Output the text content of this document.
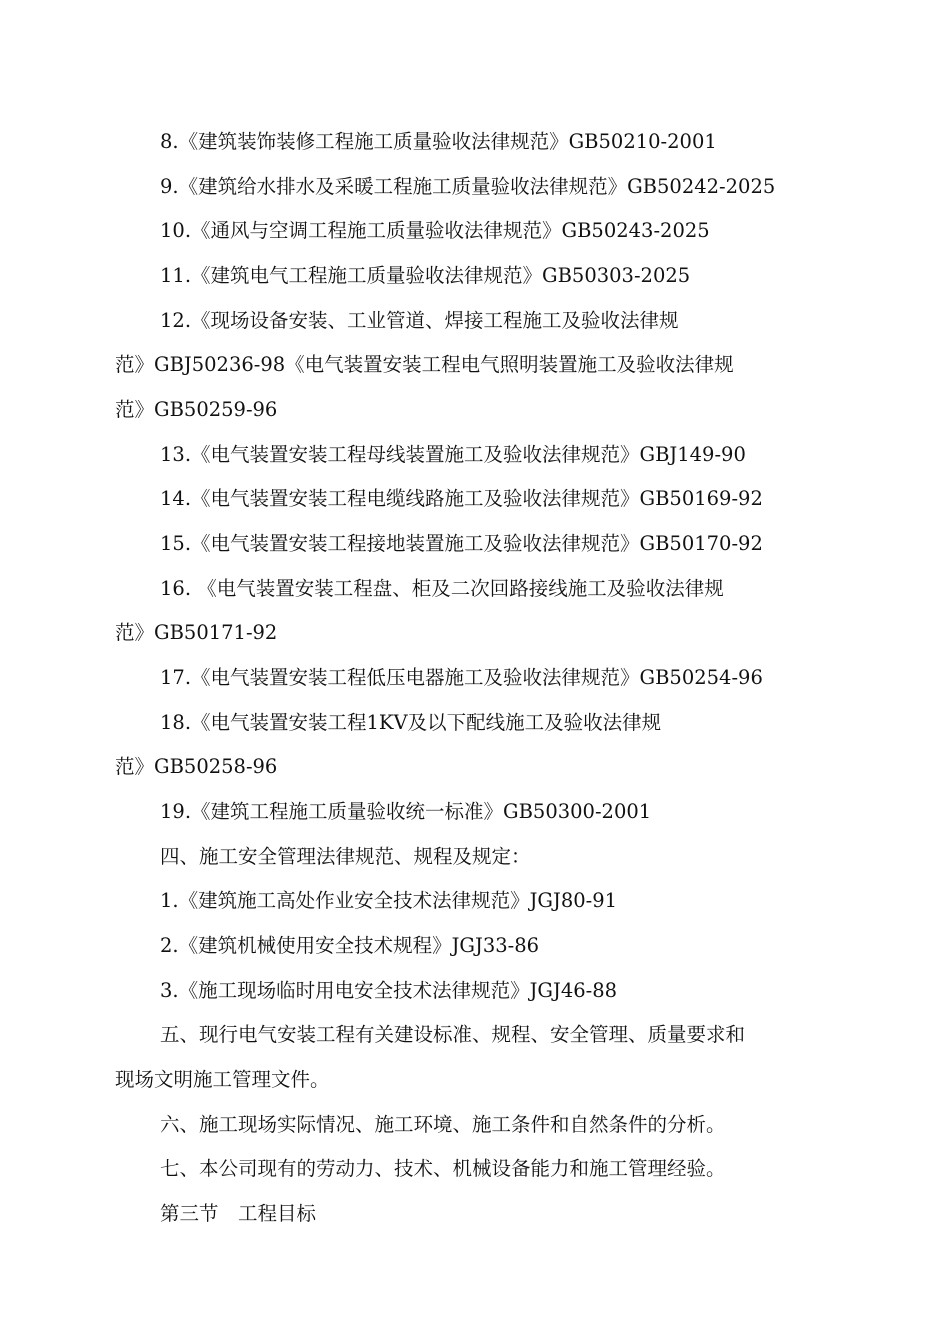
8.《建筑装饰装修工程施工质量验收法律规范》GB50210-2001
9.《建筑给水排水及采暖工程施工质量验收法律规范》GB50242-2025
10.《通风与空调工程施工质量验收法律规范》GB50243-2025
11.《建筑电气工程施工质量验收法律规范》GB50303-2025
12.《现场设备安装、工业管道、焊接工程施工及验收法律规
范》GBJ50236-98《电气装置安装工程电气照明装置施工及验收法律规
范》GB50259-96
13.《电气装置安装工程母线装置施工及验收法律规范》GBJ149-90
14.《电气装置安装工程电缆线路施工及验收法律规范》GB50169-92
15.《电气装置安装工程接地装置施工及验收法律规范》GB50170-92
16. 《电气装置安装工程盘、柜及二次回路接线施工及验收法律规
范》GB50171-92
17.《电气装置安装工程低压电器施工及验收法律规范》GB50254-96
18.《电气装置安装工程1KV及以下配线施工及验收法律规
范》GB50258-96
19.《建筑工程施工质量验收统一标准》GB50300-2001
四、施工安全管理法律规范、规程及规定：
1.《建筑施工高处作业安全技术法律规范》JGJ80-91
2.《建筑机械使用安全技术规程》JGJ33-86
3.《施工现场临时用电安全技术法律规范》JGJ46-88
五、现行电气安装工程有关建设标准、规程、安全管理、质量要求和
现场文明施工管理文件。
六、施工现场实际情况、施工环境、施工条件和自然条件的分析。
七、本公司现有的劳动力、技术、机械设备能力和施工管理经验。
第三节　工程目标
